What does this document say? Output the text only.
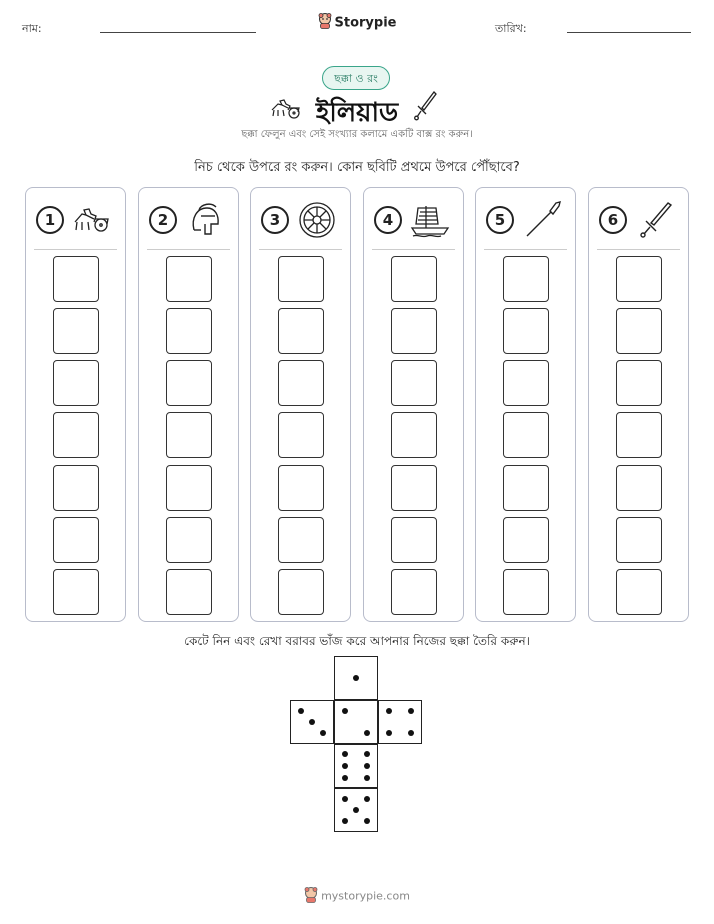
নাম:	Storypie	তারিখ:
ছক্কা ও রং
ইলিয়াড
ছক্কা ফেলুন এবং সেই সংখ্যার কলামে একটি বাক্স রং করুন।
নিচ থেকে উপরে রং করুন। কোন ছবিটি প্রথমে উপরে পৌঁছাবে?
1	2	3	4	5	6
কেটে নিন এবং রেখা বরাবর ভাঁজ করে আপনার নিজের ছক্কা তৈরি করুন।
mystorypie.com
